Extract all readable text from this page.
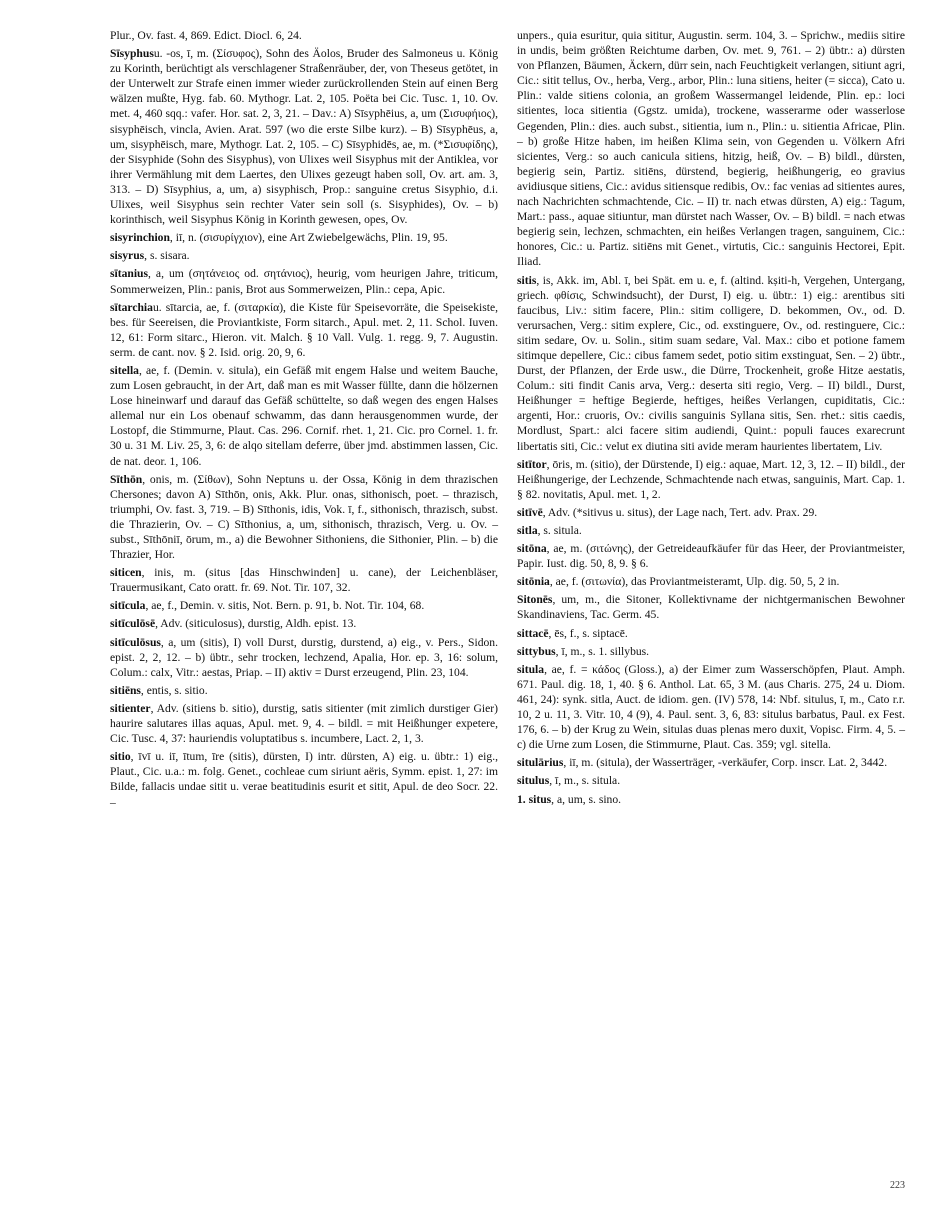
Plur., Ov. fast. 4, 869. Edict. Diocl. 6, 24.

Sīsyphusu. -os, ī, m. (Σίσυφος), Sohn des Äolos, Bruder des Salmoneus u. König zu Korinth, berüchtigt als verschlagener Straßenräuber, der, von Theseus getötet, in der Unterwelt zur Strafe einen immer wieder zurückrollenden Stein auf einen Berg wälzen mußte, Hyg. fab. 60. Mythogr. Lat. 2, 105. Poëta bei Cic. Tusc. 1, 10. Ov. met. 4, 460 sqq.: vafer. Hor. sat. 2, 3, 21. – Dav.: A) Sīsyphēius, a, um (Σισυφήιος), sisyphēisch, vincla, Avien. Arat. 597 (wo die erste Silbe kurz). – B) Sīsyphēus, a, um, sisyphēisch, mare, Mythogr. Lat. 2, 105. – C) Sīsyphidēs, ae, m. (*Σισυφίδης), der Sisyphide (Sohn des Sisyphus), von Ulixes weil Sisyphus mit der Antiklea, vor ihrer Vermählung mit dem Laertes, den Ulixes gezeugt haben soll, Ov. art. am. 3, 313. – D) Sīsyphius, a, um, a) sisyphisch, Prop.: sanguine cretus Sisyphio, d.i. Ulixes, weil Sisyphus sein rechter Vater sein soll (s. Sisyphides), Ov. – b) korinthisch, weil Sisyphus König in Korinth gewesen, opes, Ov.

sisyrinchion, iī, n. (σισυρίγχιον), eine Art Zwiebelgewächs, Plin. 19, 95.

sisyrus, s. sisara.

sītanius, a, um (σητάνειος od. σητάνιος), heurig, vom heurigen Jahre, triticum, Sommerweizen, Plin.: panis, Brot aus Sommerweizen, Plin.: cepa, Apic.

sītarchiau. sītarcia, ae, f. (σιταρκία), die Kiste für Speisevorräte, die Speisekiste, bes. für Seereisen, die Proviantkiste, Form sitarch., Apul. met. 2, 11. Schol. Iuven. 12, 61: Form sitarc., Hieron. vit. Malch. § 10 Vall. Vulg. 1. regg. 9, 7. Augustin. serm. de cant. nov. § 2. Isid. orig. 20, 9, 6.

sitella, ae, f. (Demin. v. situla), ein Gefäß mit engem Halse und weitem Bauche, zum Losen gebraucht, in der Art, daß man es mit Wasser füllte, dann die hölzernen Lose hineinwarf und darauf das Gefäß schüttelte, so daß wegen des engen Halses allemal nur ein Los obenauf schwamm, das dann herausgenommen wurde, der Lostopf, die Stimmurne, Plaut. Cas. 296. Cornif. rhet. 1, 21. Cic. pro Cornel. 1. fr. 30 u. 31 M. Liv. 25, 3, 6: de alqo sitellam deferre, über jmd. abstimmen lassen, Cic. de nat. deor. 1, 106.

Sīthōn, onis, m. (Σίθων), Sohn Neptuns u. der Ossa, König in dem thrazischen Chersones; davon A) Sīthōn, onis, Akk. Plur. onas, sithonisch, poet. – thrazisch, triumphi, Ov. fast. 3, 719. – B) Sīthonis, idis, Vok. ī, f., sithonisch, thrazisch, subst. die Thrazierin, Ov. – C) Sīthonius, a, um, sithonisch, thrazisch, Verg. u. Ov. – subst., Sīthōniī, ōrum, m., a) die Bewohner Sithoniens, die Sithonier, Plin. – b) die Thrazier, Hor.

siticen, inis, m. (situs [das Hinschwinden] u. cane), der Leichenbläser, Trauermusikant, Cato oratt. fr. 69. Not. Tir. 107, 32.

sitīcula, ae, f., Demin. v. sitis, Not. Bern. p. 91, b. Not. Tir. 104, 68.

sitīculōsē, Adv. (siticulosus), durstig, Aldh. epist. 13.

sitīculōsus, a, um (sitis), I) voll Durst, durstig, durstend, a) eig., v. Pers., Sidon. epist. 2, 2, 12. – b) übtr., sehr trocken, lechzend, Apalia, Hor. ep. 3, 16: solum, Colum.: calx, Vitr.: aestas, Priap. – II) aktiv = Durst erzeugend, Plin. 23, 104.

sitiēns, entis, s. sitio.

sitienter, Adv. (sitiens b. sitio), durstig, satis sitienter (mit zimlich durstiger Gier) haurire salutares illas aquas, Apul. met. 9, 4. – bildl. = mit Heißhunger expetere, Cic. Tusc. 4, 37: hauriendis voluptatibus s. incumbere, Lact. 2, 1, 3.

sitio, īvī u. iī, ītum, īre (sitis), dürsten, I) intr. dürsten, A) eig. u. übtr.: 1) eig., Plaut., Cic. u.a.: m. folg. Genet., cochleae cum siriunt aëris, Symm. epist. 1, 27: im Bilde, fallacis undae sitit u. verae beatitudinis esurit et sitit, Apul. de deo Socr. 22. –

unpers., quia esuritur, quia sititur, Augustin. serm. 104, 3. – Sprichw., mediis sitire in undis, beim größten Reichtume darben, Ov. met. 9, 761. – 2) übtr.: a) dürsten von Pflanzen, Bäumen, Äckern, dürr sein, nach Feuchtigkeit verlangen, sitiunt agri, Cic.: sitit tellus, Ov., herba, Verg., arbor, Plin.: luna sitiens, heiter (= sicca), Cato u. Plin.: valde sitiens colonia, an großem Wassermangel leidende, Plin. ep.: loci sitientes, loca sitientia (Ggstz. umida), trockene, wasserarme oder wasserlose Gegenden, Plin.: dies. auch subst., sitientia, ium n., Plin.: u. sitientia Africae, Plin. – b) große Hitze haben, im heißen Klima sein, von Gegenden u. Völkern Afri sicientes, Verg.: so auch canicula sitiens, hitzig, heiß, Ov. – B) bildl., dürsten, begierig sein, Partiz. sitiēns, dürstend, begierig, heißhungerig, eo gravius avidiusque sitiens, Cic.: avidus sitiensque redibis, Ov.: fac venias ad sitientes aures, nach Nachrichten schmachtende, Cic. – II) tr. nach etwas dürsten, A) eig.: Tagum, Mart.: pass., aquae sitiuntur, man dürstet nach Wasser, Ov. – B) bildl. = nach etwas begierig sein, lechzen, schmachten, ein heißes Verlangen tragen, sanguinem, Cic.: honores, Cic.: u. Partiz. sitiēns mit Genet., virtutis, Cic.: sanguinis Hectorei, Epit. Iliad.

sitis, is, Akk. im, Abl. ī, bei Spät. em u. e, f. (altind. kṣiti-h, Vergehen, Untergang, griech. φθίσις, Schwindsucht), der Durst, I) eig. u. übtr.: 1) eig.: arentibus siti faucibus, Liv.: sitim facere, Plin.: sitim colligere, D. bekommen, Ov., od. D. verursachen, Verg.: sitim explere, Cic., od. exstinguere, Ov., od. restinguere, Cic.: sitim sedare, Ov. u. Solin., sitim suam sedare, Val. Max.: cibo et potione famem sitimque depellere, Cic.: cibus famem sedet, potio sitim exstinguat, Sen. – 2) übtr., Durst, der Pflanzen, der Erde usw., die Dürre, Trockenheit, große Hitze aestatis, Colum.: siti findit Canis arva, Verg.: deserta siti regio, Verg. – II) bildl., Durst, Heißhunger = heftige Begierde, heftiges, heißes Verlangen, cupiditatis, Cic.: argenti, Hor.: cruoris, Ov.: civilis sanguinis Syllana sitis, Sen. rhet.: sitis caedis, Mordlust, Spart.: alci facere sitim audiendi, Quint.: populi fauces exarecrunt libertatis siti, Cic.: velut ex diutina siti avide meram haurientes libertatem, Liv.

sitītor, ōris, m. (sitio), der Dürstende, I) eig.: aquae, Mart. 12, 3, 12. – II) bildl., der Heißhungerige, der Lechzende, Schmachtende nach etwas, sanguinis, Mart. Cap. 1. § 82. novitatis, Apul. met. 1, 2.

sitīvē, Adv. (*sitivus u. situs), der Lage nach, Tert. adv. Prax. 29.

sitla, s. situla.

sitōna, ae, m. (σιτώνης), der Getreideaufkäufer für das Heer, der Proviantmeister, Papir. Iust. dig. 50, 8, 9. § 6.

sitōnia, ae, f. (σιτωνία), das Proviantmeisteramt, Ulp. dig. 50, 5, 2 in.

Sitonēs, um, m., die Sitoner, Kollektivname der nichtgermanischen Bewohner Skandinaviens, Tac. Germ. 45.

sittacē, ēs, f., s. siptacē.

sittybus, ī, m., s. 1. sillybus.

situla, ae, f. = κάδος (Gloss.), a) der Eimer zum Wasserschöpfen, Plaut. Amph. 671. Paul. dig. 18, 1, 40. § 6. Anthol. Lat. 65, 3 M. (aus Charis. 275, 24 u. Diom. 461, 24): synk. sitla, Auct. de idiom. gen. (IV) 578, 14: Nbf. situlus, ī, m., Cato r.r. 10, 2 u. 11, 3. Vitr. 10, 4 (9), 4. Paul. sent. 3, 6, 83: situlus barbatus, Paul. ex Fest. 176, 6. – b) der Krug zu Wein, situlas duas plenas mero duxit, Vopisc. Firm. 4, 5. – c) die Urne zum Losen, die Stimmurne, Plaut. Cas. 359; vgl. sitella.

situlārius, iī, m. (situla), der Wasserträger, -verkäufer, Corp. inscr. Lat. 2, 3442.

situlus, ī, m., s. situla.

1. situs, a, um, s. sino.

223
